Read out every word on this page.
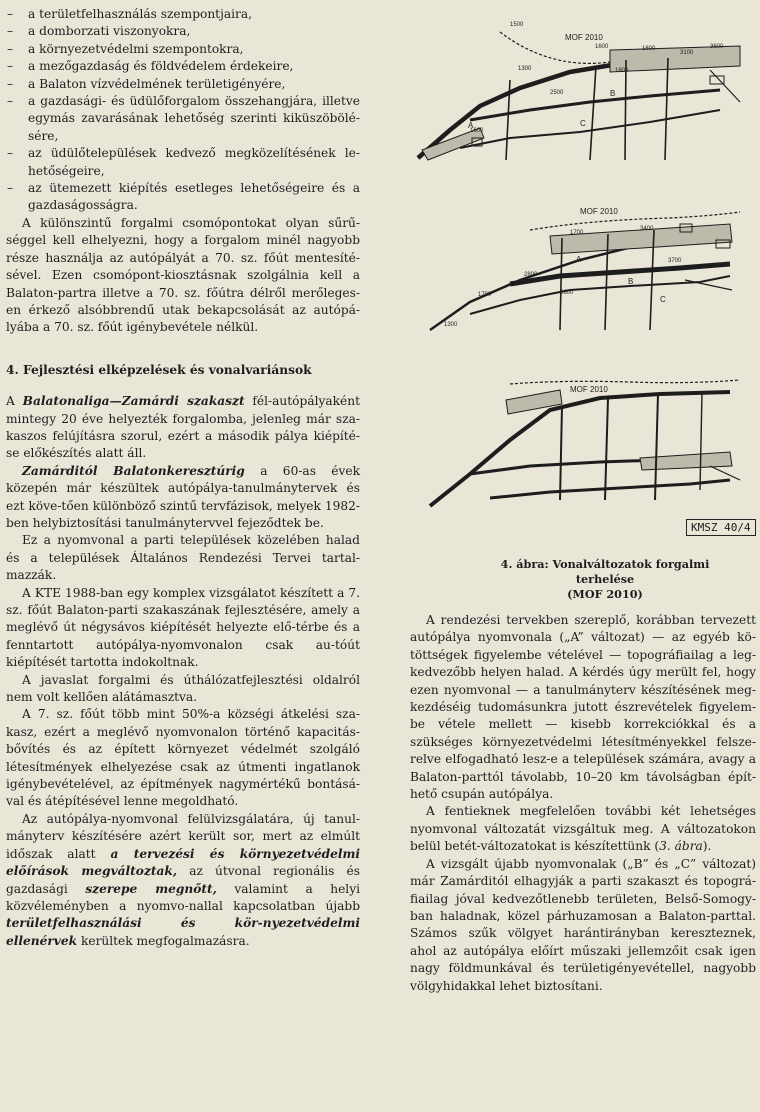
– a területfelhasználás szempontjaira,
– a domborzati viszonyokra,
– a környezetvédelmi szempontokra,
– a mezőgazdaság és földvédelem érdekeire,
– a Balaton vízvédelmének területigényére,
– a gazdasági- és üdülőforgalom összehangjára, illetve egymás zavarásának lehetőség szerinti kiküszöbölé-sére,
– az üdülőtelepülések kedvező megközelítésének le-hetőségeire,
– az ütemezett kiépítés esetleges lehetőségeire és a gazdaságosságra.

A különszintű forgalmi csomópontokat olyan sűrű-séggel kell elhelyezni, hogy a forgalom minél nagyobb része használja az autópályát a 70. sz. főút mentesíté-sével. Ezen csomópont-kiosztásnak szolgálnia kell a Balaton-partra illetve a 70. sz. főútra délről merőleges-en érkező alsóbbrendű utak bekapcsolását az autópá-lyába a 70. sz. főút igénybevétele nélkül.

4. Fejlesztési elképzelések és vonalvariánsok

A Balatonaliga—Zamárdi szakaszt fél-autópályaként mintegy 20 éve helyezték forgalomba, jelenleg már sza-kaszos felújításra szorul, ezért a második pálya kiépíté-se előkészítés alatt áll.

Zamárditól Balatonkeresztúrig a 60-as évek közepén már készültek autópálya-tanulmánytervek és ezt köve-tően különböző szintű tervfázisok, melyek 1982-ben helybiztosítási tanulmánytervvel fejeződtek be.

Ez a nyomvonal a parti települések közelében halad és a települések Általános Rendezési Tervei tartal-mazzák.

A KTE 1988-ban egy komplex vizsgálatot készített a 7. sz. főút Balaton-parti szakaszának fejlesztésére, amely a meglévő út négysávos kiépítését helyezte elő-térbe és a fenntartott autópálya-nyomvonalon csak au-tóút kiépítését tartotta indokoltnak.

A javaslat forgalmi és úthálózatfejlesztési oldalról nem volt kellően alátámasztva.

A 7. sz. főút több mint 50%-a községi átkelési sza-kasz, ezért a meglévő nyomvonalon történő kapacitás-bővítés és az épített környezet védelmét szolgáló létesítmények elhelyezése csak az útmenti ingatlanok igénybevételével, az építmények nagymértékű bontásá-val és átépítésével lenne megoldható.

Az autópálya-nyomvonal felülvizsgálatára, új tanul-mányterv készítésére azért került sor, mert az elmúlt időszak alatt a tervezési és környezetvédelmi előírások megváltoztak, az útvonal regionális és gazdasági szerepe megnőtt, valamint a helyi közvéleményben a nyomvo-nallal kapcsolatban újabb területfelhasználási és kör-nyezetvédelmi ellenérvek kerültek megfogalmazásra.

MOF 2010
1500
1600	1600
1800
3100
3600
2500
1300
1600
B
C
A
MOF 2010
1700
3400
2800
3700
2600
1700
1300
A
B
C
MOF 2010
KMSZ 40/4
4. ábra: Vonalváltozatok forgalmi terhelése
(MOF 2010)

A rendezési tervekben szereplő, korábban tervezett autópálya nyomvonala („A” változat) — az egyéb kö-töttségek figyelembe vételével — topográfiailag a leg-kedvezőbb helyen halad. A kérdés úgy merült fel, hogy ezen nyomvonal — a tanulmányterv készítésének meg-kezdéséig tudomásunkra jutott észrevételek figyelem-be vétele mellett — kisebb korrekciókkal és a szükséges környezetvédelmi létesítményekkel felsze-relve elfogadható lesz-e a települések számára, avagy a Balaton-parttól távolabb, 10–20 km távolságban épít-hető csupán autópálya.

A fentieknek megfelelően további két lehetséges nyomvonal változatát vizsgáltuk meg. A változatokon belül betét-változatokat is készítettünk (3. ábra).

A vizsgált újabb nyomvonalak („B” és „C” változat) már Zamárditól elhagyják a parti szakaszt és topográ-fiailag jóval kedvezőtlenebb területen, Belső-Somogy-ban haladnak, közel párhuzamosan a Balaton-parttal. Számos szűk völgyet harántirányban kereszteznek, ahol az autópálya előírt műszaki jellemzőit csak igen nagy földmunkával és területigényevétellel, nagyobb völgyhidakkal lehet biztosítani.
